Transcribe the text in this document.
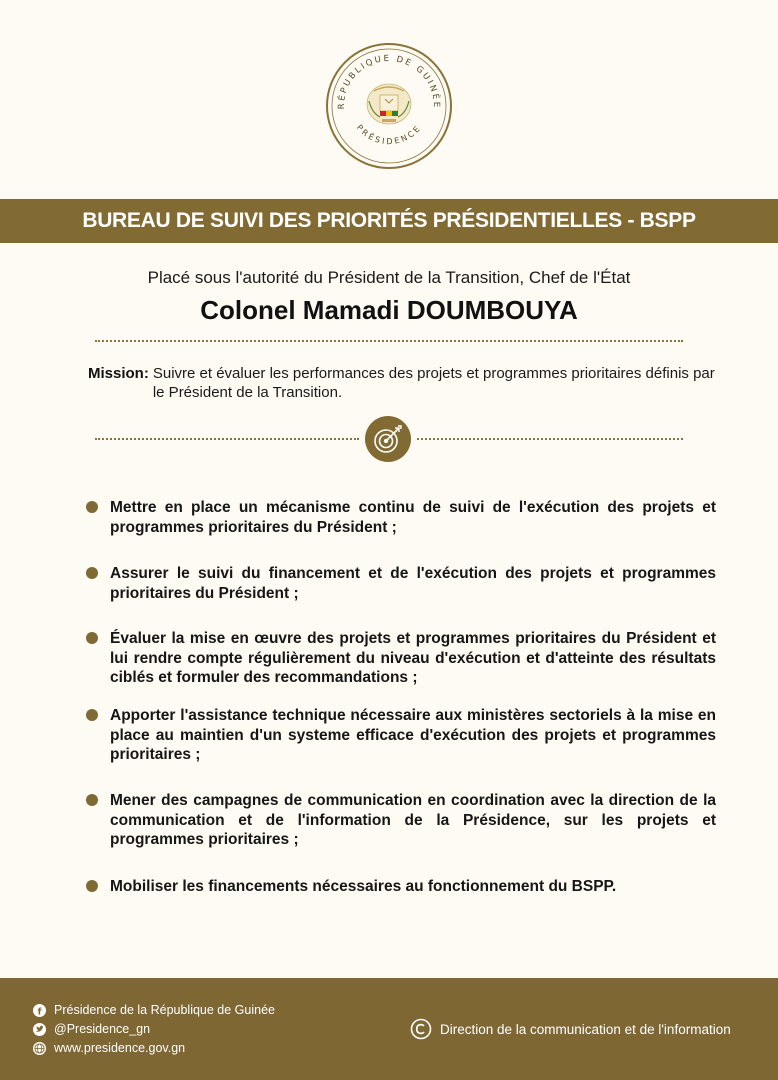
RÉPUBLIQUE DE GUINÉE
PRÉSIDENCE
BUREAU DE SUIVI DES PRIORITÉS PRÉSIDENTIELLES - BSPP
Placé sous l'autorité du Président de la Transition, Chef de l'État
Colonel Mamadi DOUMBOUYA
Mission: Suivre et évaluer les performances des projets et programmes prioritaires définis par le Président de la Transition.
Mettre en place un mécanisme continu de suivi de l'exécution des projets et programmes prioritaires du Président ;
Assurer le suivi du financement et de l'exécution des projets et programmes prioritaires du Président ;
Évaluer la mise en œuvre des projets et programmes prioritaires du Président et lui rendre compte régulièrement du niveau d'exécution et d'atteinte des résultats ciblés et formuler des recommandations ;
Apporter l'assistance technique nécessaire aux ministères sectoriels à la mise en place au maintien d'un systeme efficace d'exécution des projets et programmes prioritaires ;
Mener des campagnes de communication en coordination avec la direction de la communication et de l'information de la Présidence, sur les projets et programmes prioritaires ;
Mobiliser les financements nécessaires au fonctionnement du BSPP.
f Présidence de la République de Guinée
@Presidence_gn
www.presidence.gov.gn
Direction de la communication et de l'information
